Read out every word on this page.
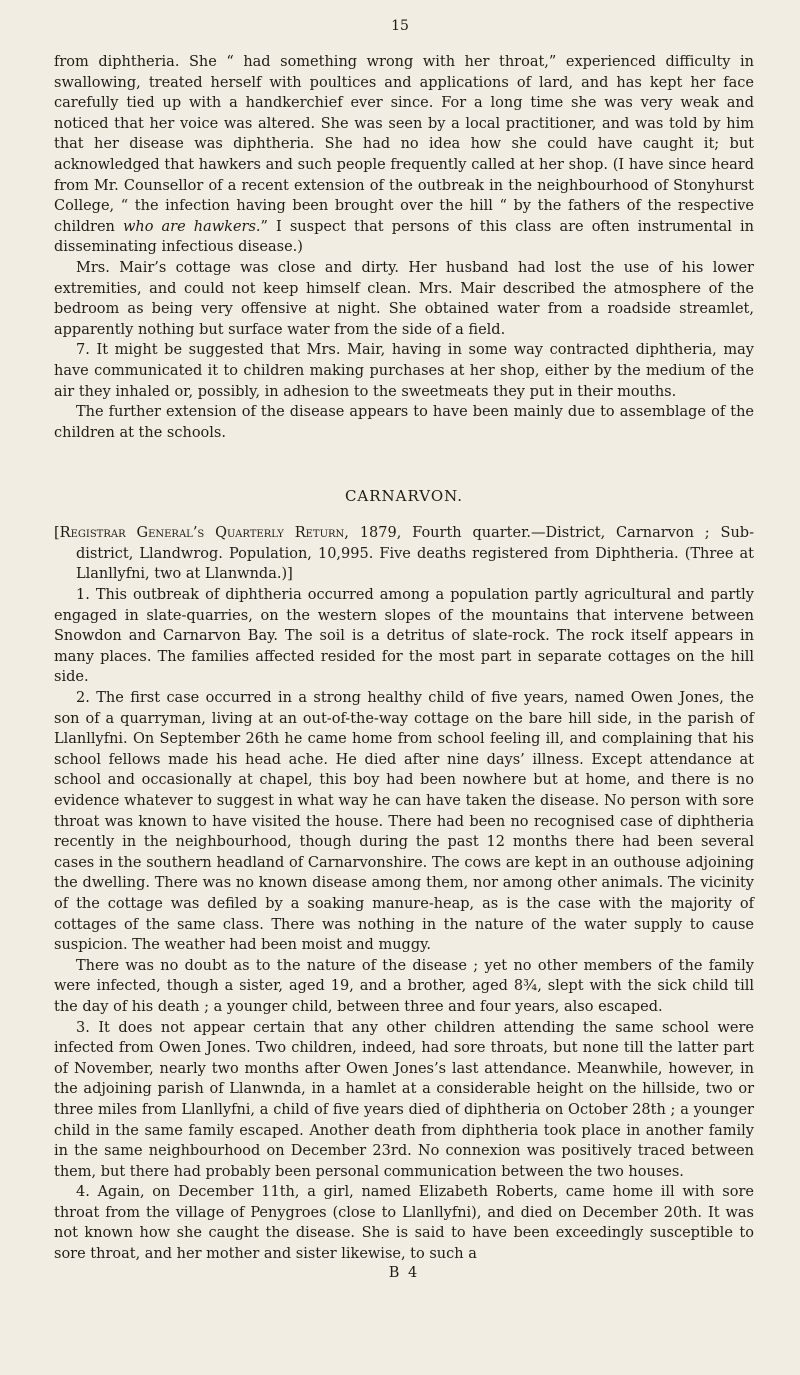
15

from diphtheria. She “ had something wrong with her throat,” experienced difficulty in swallowing, treated herself with poultices and applications of lard, and has kept her face carefully tied up with a handkerchief ever since. For a long time she was very weak and noticed that her voice was altered. She was seen by a local practitioner, and was told by him that her disease was diphtheria. She had no idea how she could have caught it; but acknowledged that hawkers and such people frequently called at her shop. (I have since heard from Mr. Counsellor of a recent extension of the outbreak in the neighbourhood of Stonyhurst College, “ the infection having been brought over the hill “ by the fathers of the respective children who are hawkers.” I suspect that persons of this class are often instrumental in disseminating infectious disease.)

Mrs. Mair’s cottage was close and dirty. Her husband had lost the use of his lower extremities, and could not keep himself clean. Mrs. Mair described the atmosphere of the bedroom as being very offensive at night. She obtained water from a roadside streamlet, apparently nothing but surface water from the side of a field.

7. It might be suggested that Mrs. Mair, having in some way contracted diphtheria, may have communicated it to children making purchases at her shop, either by the medium of the air they inhaled or, possibly, in adhesion to the sweetmeats they put in their mouths.

The further extension of the disease appears to have been mainly due to assemblage of the children at the schools.

CARNARVON.

[Registrar General’s Quarterly Return, 1879, Fourth quarter.—District, Carnarvon ; Sub-district, Llandwrog. Population, 10,995. Five deaths registered from Diphtheria. (Three at Llanllyfni, two at Llanwnda.)]

1. This outbreak of diphtheria occurred among a population partly agricultural and partly engaged in slate-quarries, on the western slopes of the mountains that intervene between Snowdon and Carnarvon Bay. The soil is a detritus of slate-rock. The rock itself appears in many places. The families affected resided for the most part in separate cottages on the hill side.

2. The first case occurred in a strong healthy child of five years, named Owen Jones, the son of a quarryman, living at an out-of-the-way cottage on the bare hill side, in the parish of Llanllyfni. On September 26th he came home from school feeling ill, and complaining that his school fellows made his head ache. He died after nine days’ illness. Except attendance at school and occasionally at chapel, this boy had been nowhere but at home, and there is no evidence whatever to suggest in what way he can have taken the disease. No person with sore throat was known to have visited the house. There had been no recognised case of diphtheria recently in the neighbourhood, though during the past 12 months there had been several cases in the southern headland of Carnarvonshire. The cows are kept in an outhouse adjoining the dwelling. There was no known disease among them, nor among other animals. The vicinity of the cottage was defiled by a soaking manure-heap, as is the case with the majority of cottages of the same class. There was nothing in the nature of the water supply to cause suspicion. The weather had been moist and muggy.

There was no doubt as to the nature of the disease ; yet no other members of the family were infected, though a sister, aged 19, and a brother, aged 8¾, slept with the sick child till the day of his death ; a younger child, between three and four years, also escaped.

3. It does not appear certain that any other children attending the same school were infected from Owen Jones. Two children, indeed, had sore throats, but none till the latter part of November, nearly two months after Owen Jones’s last attendance. Meanwhile, however, in the adjoining parish of Llanwnda, in a hamlet at a considerable height on the hillside, two or three miles from Llanllyfni, a child of five years died of diphtheria on October 28th ; a younger child in the same family escaped. Another death from diphtheria took place in another family in the same neighbourhood on December 23rd. No connexion was positively traced between them, but there had probably been personal communication between the two houses.

4. Again, on December 11th, a girl, named Elizabeth Roberts, came home ill with sore throat from the village of Penygroes (close to Llanllyfni), and died on December 20th. It was not known how she caught the disease. She is said to have been exceedingly susceptible to sore throat, and her mother and sister likewise, to such a

B 4
